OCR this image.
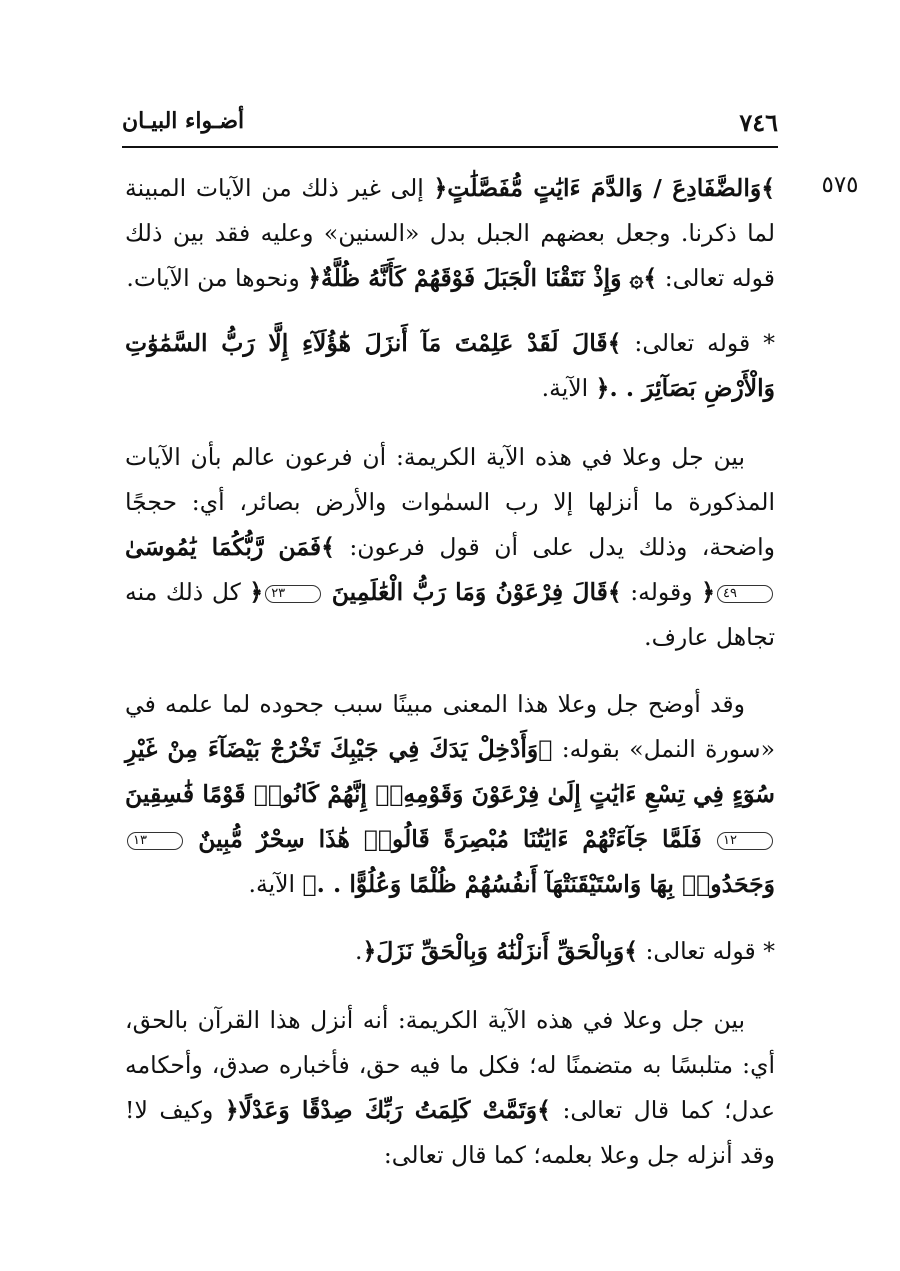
٧٤٦
أضـواء البيـان
٥٧٥

﴾وَالضَّفَادِعَ / وَالدَّمَ ءَايَٰتٍ مُّفَصَّلَٰتٍ﴿ إلى غير ذلك من الآيات المبينة لما ذكرنا. وجعل بعضهم الجبل بدل «السنين» وعليه فقد بين ذلك قوله تعالى: ﴾۞ وَإِذْ نَتَقْنَا الْجَبَلَ فَوْقَهُمْ كَأَنَّهُ ظُلَّةٌ﴿ ونحوها من الآيات.

* قوله تعالى: ﴾قَالَ لَقَدْ عَلِمْتَ مَآ أَنزَلَ هَٰٓؤُلَآءِ إِلَّا رَبُّ السَّمَٰوَٰتِ وَالْأَرْضِ بَصَآئِرَ . .﴿ الآية.

بين جل وعلا في هذه الآية الكريمة: أن فرعون عالم بأن الآيات المذكورة ما أنزلها إلا رب السمٰوات والأرض بصائر، أي: حججًا واضحة، وذلك يدل على أن قول فرعون: ﴾فَمَن رَّبُّكُمَا يَٰمُوسَىٰ ٤٩﴿ وقوله: ﴾قَالَ فِرْعَوْنُ وَمَا رَبُّ الْعَٰلَمِينَ ٢٣﴿ كل ذلك منه تجاهل عارف.

وقد أوضح جل وعلا هذا المعنى مبينًا سبب جحوده لما علمه في «سورة النمل» بقوله: ﴾وَأَدْخِلْ يَدَكَ فِي جَيْبِكَ تَخْرُجْ بَيْضَآءَ مِنْ غَيْرِ سُوٓءٍ فِي تِسْعِ ءَايَٰتٍ إِلَىٰ فِرْعَوْنَ وَقَوْمِهِۦٓ إِنَّهُمْ كَانُوا۟ قَوْمًا فَٰسِقِينَ ١٢ فَلَمَّا جَآءَتْهُمْ ءَايَٰتُنَا مُبْصِرَةً قَالُوا۟ هَٰذَا سِحْرٌ مُّبِينٌ ١٣ وَجَحَدُوا۟ بِهَا وَاسْتَيْقَنَتْهَآ أَنفُسُهُمْ ظُلْمًا وَعُلُوًّا . .﴿ الآية.

* قوله تعالى: ﴾وَبِالْحَقِّ أَنزَلْنَٰهُ وَبِالْحَقِّ نَزَلَ﴿.

بين جل وعلا في هذه الآية الكريمة: أنه أنزل هذا القرآن بالحق، أي: متلبسًا به متضمنًا له؛ فكل ما فيه حق، فأخباره صدق، وأحكامه عدل؛ كما قال تعالى: ﴾وَتَمَّتْ كَلِمَتُ رَبِّكَ صِدْقًا وَعَدْلًا﴿ وكيف لا! وقد أنزله جل وعلا بعلمه؛ كما قال تعالى:
